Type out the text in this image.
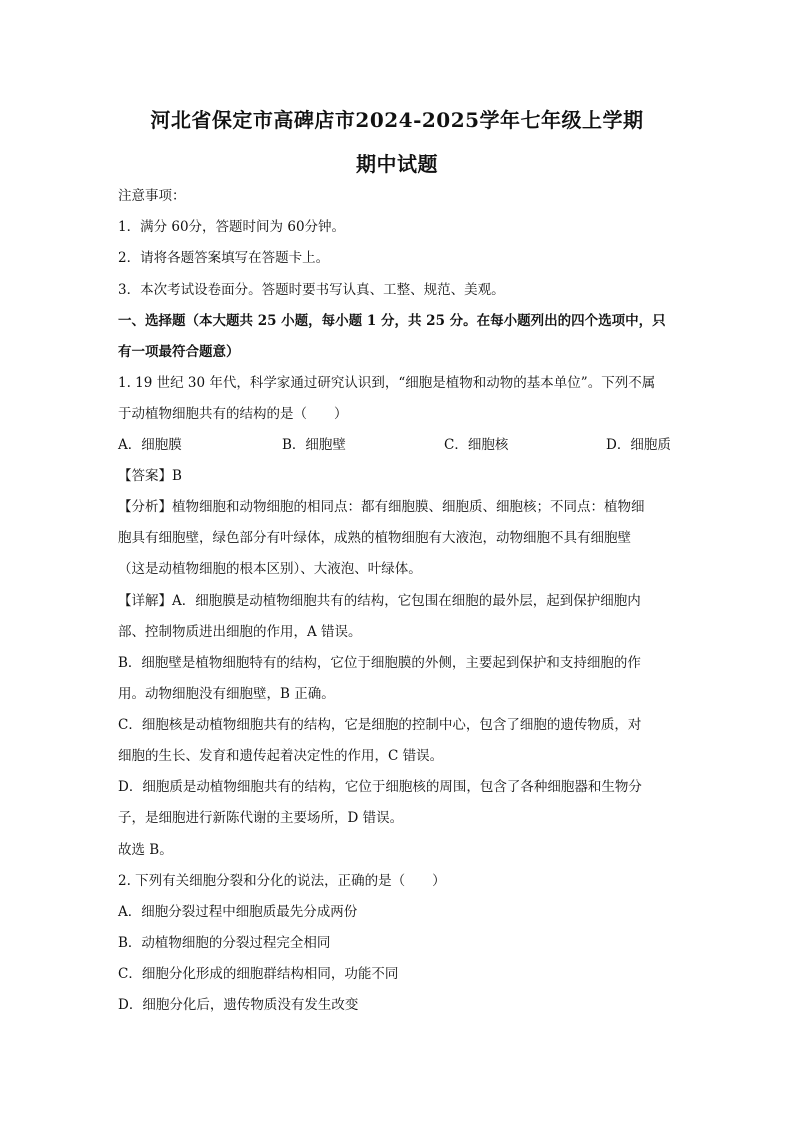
河北省保定市高碑店市2024-2025学年七年级上学期
期中试题
注意事项：
1．满分 60分，答题时间为 60分钟。
2．请将各题答案填写在答题卡上。
3．本次考试设卷面分。答题时要书写认真、工整、规范、美观。
一、选择题（本大题共 25 小题，每小题 1 分，共 25 分。在每小题列出的四个选项中，只
有一项最符合题意）
1. 19 世纪 30 年代，科学家通过研究认识到，“细胞是植物和动物的基本单位”。下列不属
于动植物细胞共有的结构的是（　　）
A．细胞膜	B．细胞壁	C．细胞核	D．细胞质
【答案】B
【分析】植物细胞和动物细胞的相同点：都有细胞膜、细胞质、细胞核；不同点：植物细
胞具有细胞壁，绿色部分有叶绿体，成熟的植物细胞有大液泡，动物细胞不具有细胞壁
（这是动植物细胞的根本区别）、大液泡、叶绿体。
【详解】A．细胞膜是动植物细胞共有的结构，它包围在细胞的最外层，起到保护细胞内
部、控制物质进出细胞的作用，A 错误。
B．细胞壁是植物细胞特有的结构，它位于细胞膜的外侧，主要起到保护和支持细胞的作
用。动物细胞没有细胞壁，B 正确。
C．细胞核是动植物细胞共有的结构，它是细胞的控制中心，包含了细胞的遗传物质，对
细胞的生长、发育和遗传起着决定性的作用，C 错误。
D．细胞质是动植物细胞共有的结构，它位于细胞核的周围，包含了各种细胞器和生物分
子，是细胞进行新陈代谢的主要场所，D 错误。
故选 B。
2. 下列有关细胞分裂和分化的说法，正确的是（　　）
A．细胞分裂过程中细胞质最先分成两份
B．动植物细胞的分裂过程完全相同
C．细胞分化形成的细胞群结构相同，功能不同
D．细胞分化后，遗传物质没有发生改变
